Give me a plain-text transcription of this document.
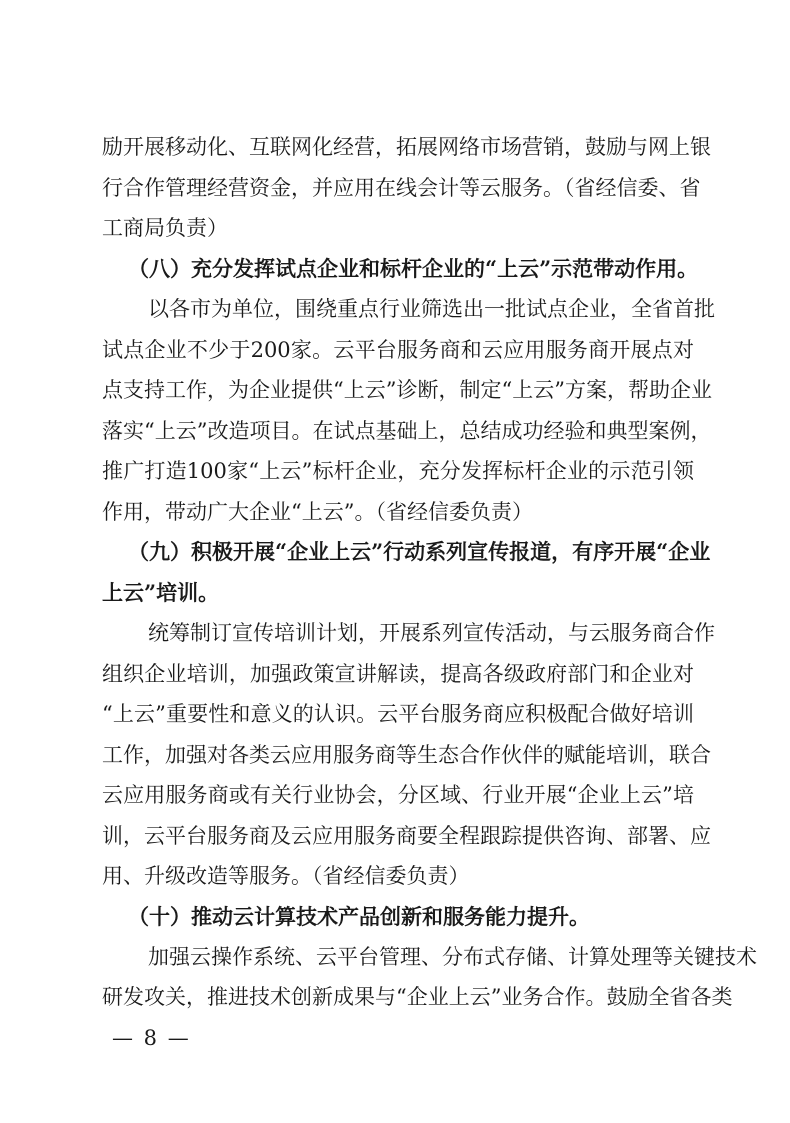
励开展移动化、互联网化经营，拓展网络市场营销，鼓励与网上银
行合作管理经营资金，并应用在线会计等云服务。（省经信委、省
工商局负责）
（八）充分发挥试点企业和标杆企业的“上云”示范带动作用。
以各市为单位，围绕重点行业筛选出一批试点企业，全省首批
试点企业不少于200家。云平台服务商和云应用服务商开展点对
点支持工作，为企业提供“上云”诊断，制定“上云”方案，帮助企业
落实“上云”改造项目。在试点基础上，总结成功经验和典型案例，
推广打造100家“上云”标杆企业，充分发挥标杆企业的示范引领
作用，带动广大企业“上云”。（省经信委负责）
（九）积极开展“企业上云”行动系列宣传报道，有序开展“企业
上云”培训。
统筹制订宣传培训计划，开展系列宣传活动，与云服务商合作
组织企业培训，加强政策宣讲解读，提高各级政府部门和企业对
“上云”重要性和意义的认识。云平台服务商应积极配合做好培训
工作，加强对各类云应用服务商等生态合作伙伴的赋能培训，联合
云应用服务商或有关行业协会，分区域、行业开展“企业上云”培
训，云平台服务商及云应用服务商要全程跟踪提供咨询、部署、应
用、升级改造等服务。（省经信委负责）
（十）推动云计算技术产品创新和服务能力提升。
加强云操作系统、云平台管理、分布式存储、计算处理等关键技术
研发攻关，推进技术创新成果与“企业上云”业务合作。鼓励全省各类
— 8 —
